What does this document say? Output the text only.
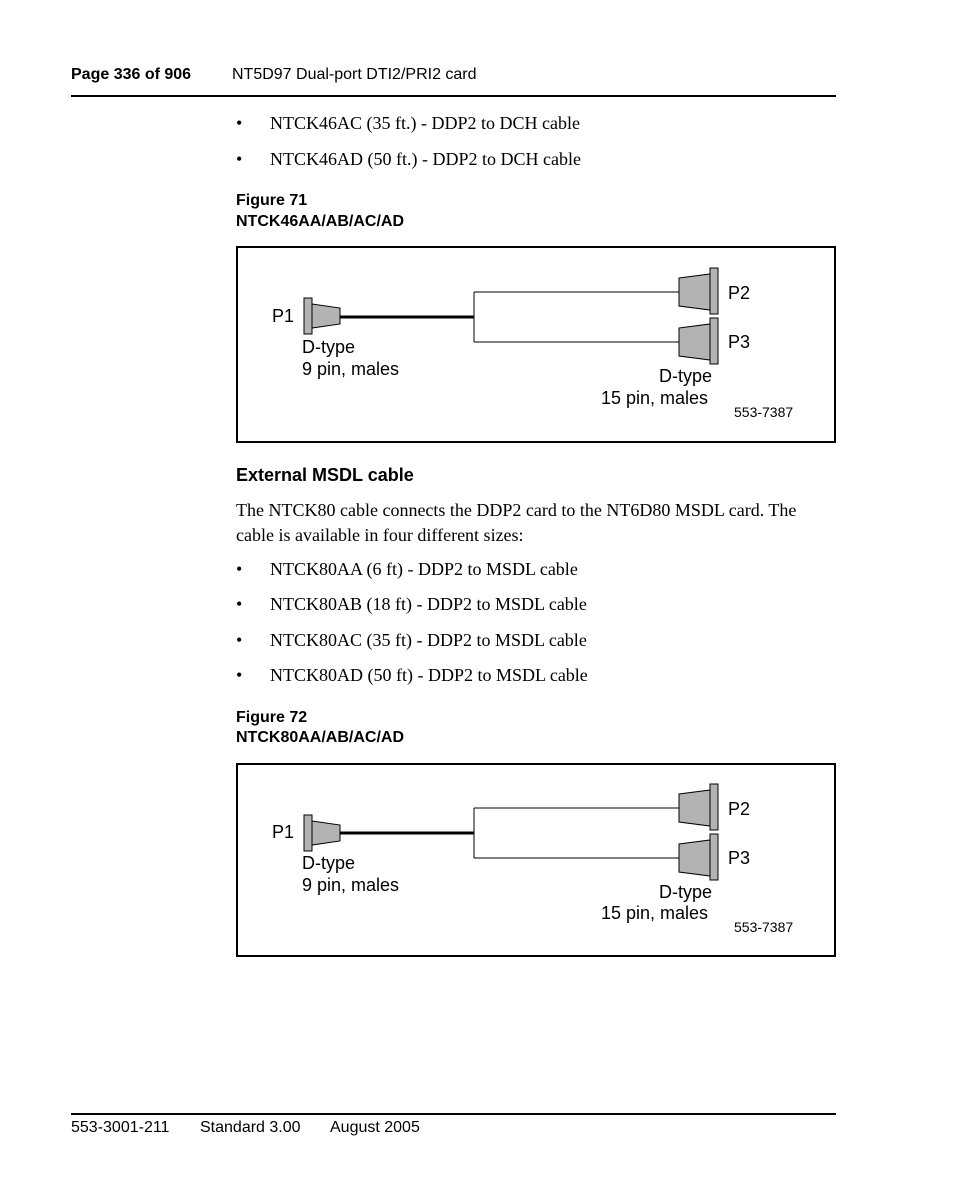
Page 336 of 906	NT5D97 Dual-port DTI2/PRI2 card
• NTCK46AC (35 ft.) - DDP2 to DCH cable
• NTCK46AD (50 ft.) - DDP2 to DCH cable
Figure 71
NTCK46AA/AB/AC/AD
P1
P2
P3
D-type
9 pin, males	D-type
15 pin, males
553-7387
External MSDL cable
The NTCK80 cable connects the DDP2 card to the NT6D80 MSDL card. The cable is available in four different sizes:
• NTCK80AA (6 ft) - DDP2 to MSDL cable
• NTCK80AB (18 ft) - DDP2 to MSDL cable
• NTCK80AC (35 ft) - DDP2 to MSDL cable
• NTCK80AD (50 ft) - DDP2 to MSDL cable
Figure 72
NTCK80AA/AB/AC/AD
P1
P2
P3
D-type
9 pin, males	D-type
15 pin, males
553-7387
553-3001-211 Standard 3.00 August 2005
